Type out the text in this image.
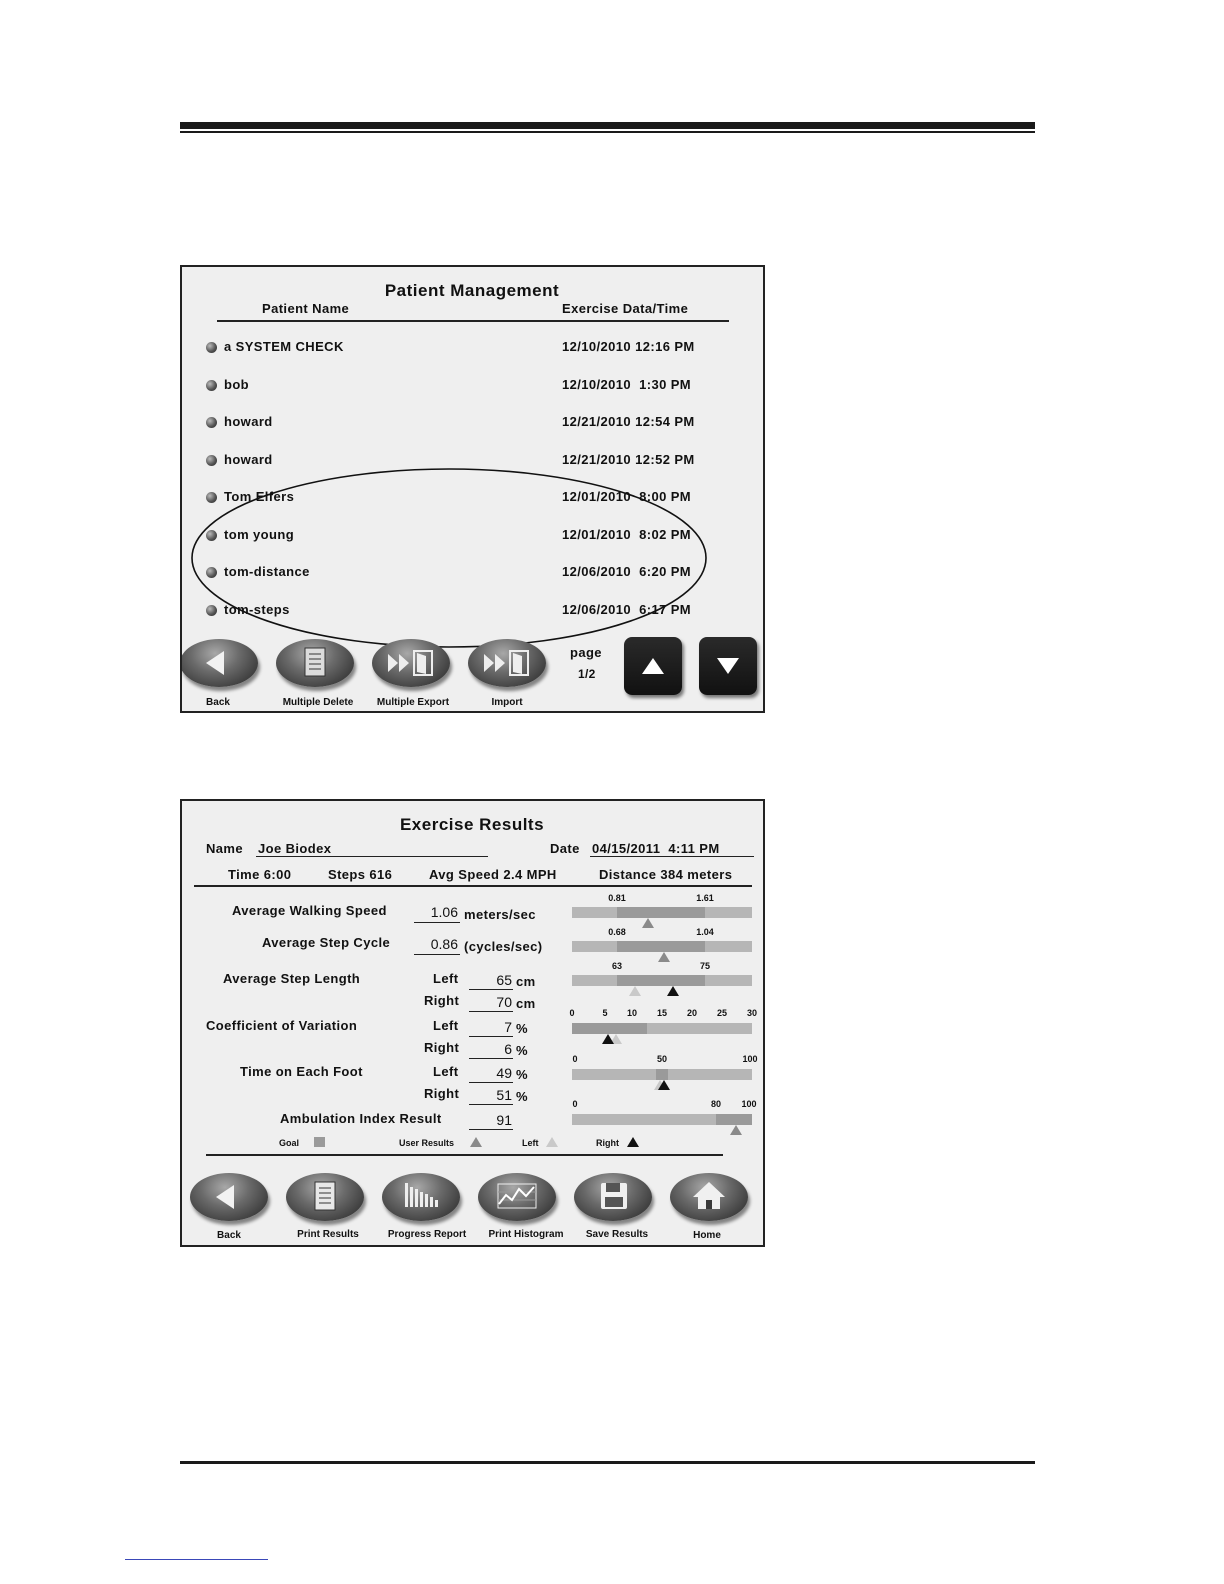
Patient Management
Patient Name	Exercise Data/Time
a SYSTEM CHECK	12/10/2010 12:16 PM
bob	12/10/2010  1:30 PM
howard	12/21/2010 12:54 PM
howard	12/21/2010 12:52 PM
Tom Elfers	12/01/2010  8:00 PM
tom young	12/01/2010  8:02 PM
tom-distance	12/06/2010  6:20 PM
tom-steps	12/06/2010  6:17 PM
Back	Multiple Delete	Multiple Export	Import
page
1/2
Exercise Results
Name Joe Biodex	Date 04/15/2011  4:11 PM
Time 6:00	Steps 616	Avg Speed 2.4 MPH	Distance 384 meters
Average Walking Speed	1.06 meters/sec
Average Step Cycle	0.86 (cycles/sec)
Average Step Length	Left	65 cm
Right	70 cm
Coefficient of Variation	Left	7 %
Right	6 %
Time on Each Foot	Left	49 %
Right	51 %
Ambulation Index Result	91
0.81	1.61
0.68	1.04
63	75
0	5 10 15 20 25 30
0	50	100
0	80 100
Goal	User Results	Left	Right
Back	Print Results	Progress Report	Print Histogram	Save Results	Home
